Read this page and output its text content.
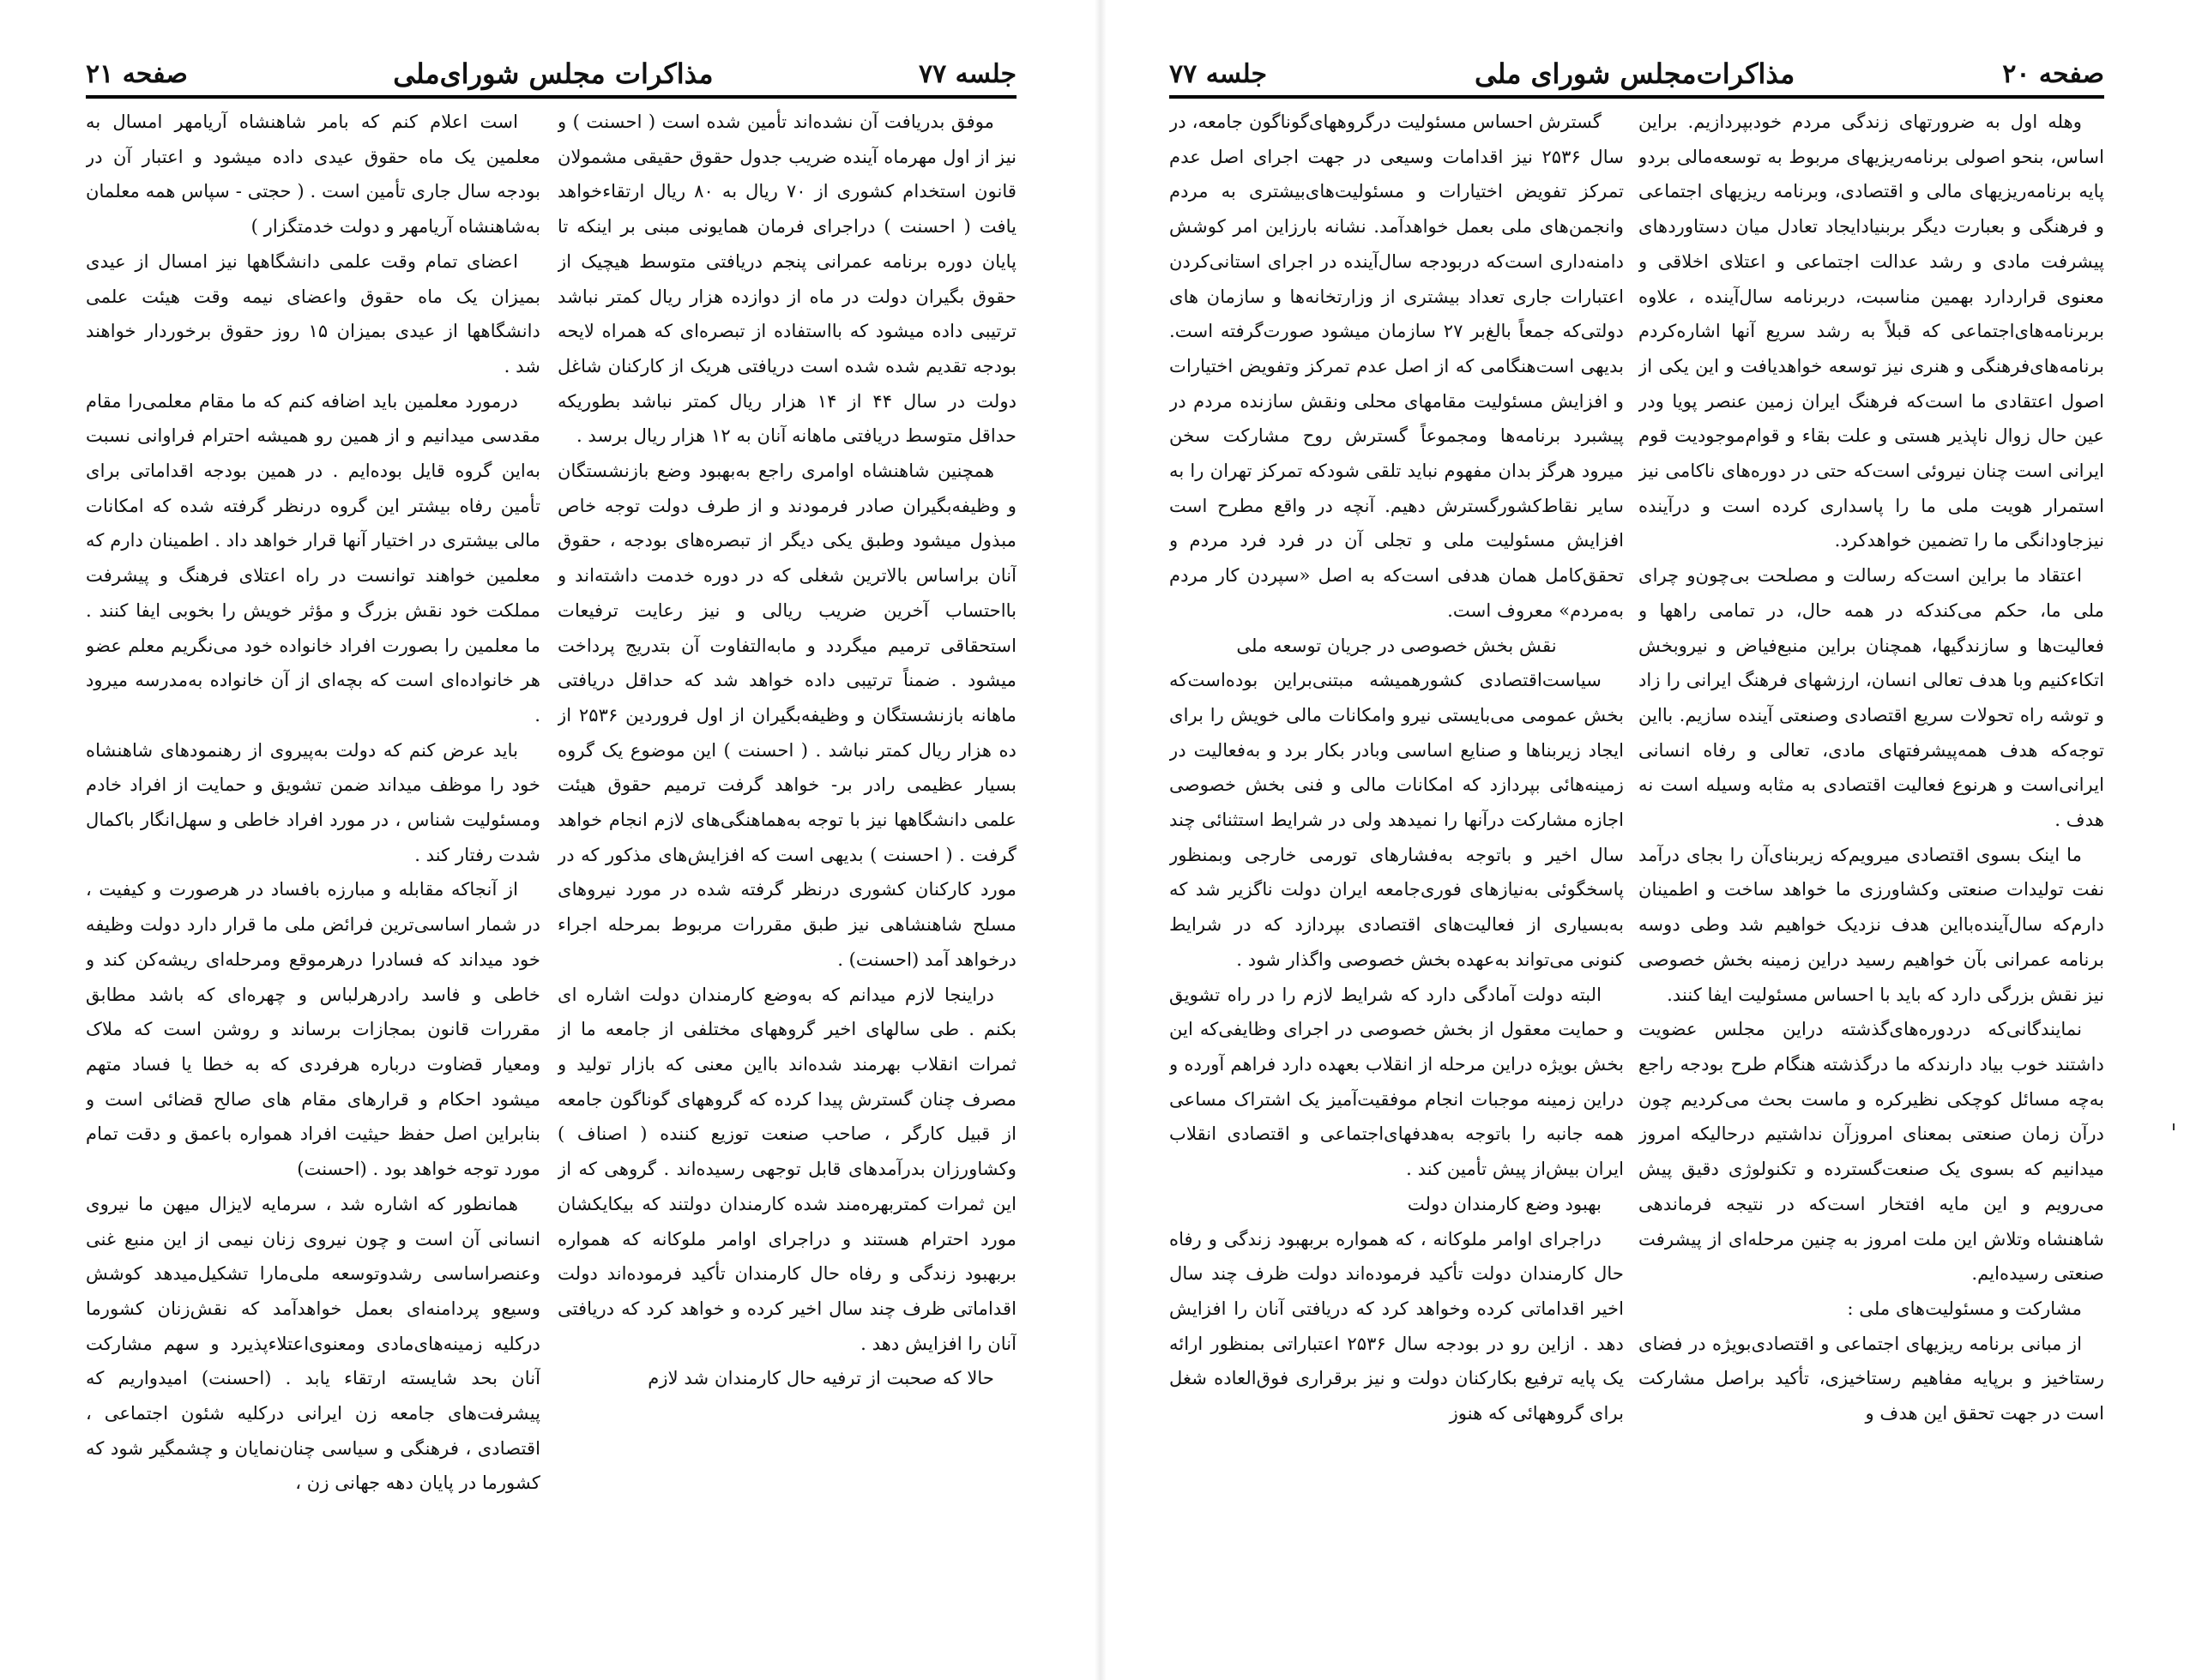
جلسه ۷۷
مذاکرات مجلس شورای‌ملی
صفحه ۲۱

موفق بدریافت آن نشده‌اند تأمین شده است ( احسنت ) و نیز از اول مهرماه آینده ضریب جدول حقوق حقیقی مشمولان قانون استخدام کشوری از ۷۰ ریال به ۸۰ ریال ارتقاءخواهد یافت ( احسنت ) درا‌جرای فرمان همایونی مبنی بر اینکه تا پایان دوره برنامه عمرانی پنجم دریافتی متوسط هیچیک از حقوق بگیران دولت در ماه از دوازده هزار ریال کمتر نباشد ترتیبی داده میشود که بااستفاده از تبصره‌ای که همراه لایحه بودجه تقدیم شده شده است دریافتی هریک از کارکنان شاغل دولت در سال ۴۴ از ۱۴ هزار ریال کمتر نباشد بطوریکه حداقل متوسط دریافتی ماهانه آنان به ۱۲ هزار ریال برسد .

همچنین شاهنشاه اوامری راجع به‌بهبود وضع بازنشستگان و وظیفه‌بگیران صادر فرمودند و از طرف دولت توجه خاص مبذول میشود وطبق یکی دیگر از تبصره‌های بودجه ، حقوق آنان براساس بالاترین شغلی که در دوره خدمت داشته‌اند و بااحتساب آخرین ضریب ریالی و نیز رعایت ترفیعات استحقاقی ترمیم میگردد و مابه‌التفاوت آن بتدریج پرداخت میشود . ضمناً ترتیبی داده خواهد شد که حداقل دریافتی ماهانه بازنشستگان و وظیفه‌بگیران از اول فروردین ۲۵۳۶ از ده هزار ریال کمتر نباشد . ( احسنت ) این موضوع یک گروه بسیار عظیمی رادر بر- خواهد گرفت ترمیم حقوق هیئت علمی دانشگاهها نیز با توجه به‌هماهنگی‌های لازم انجام خواهد گرفت . ( احسنت ) بدیهی است که افزایش‌های مذکور که در مورد کارکنان کشوری درنظر گرفته شده در مورد نیروهای مسلح شاهنشاهی نیز طبق مقررات مربوط بمرحله اجراء درخواهد آمد (احسنت) .

درا‌ینجا لازم میدانم که به‌وضع کارمندان دولت اشاره ای بکنم . طی سالهای اخیر گروههای مختلفی از جامعه ما از ثمرات انقلاب بهرمند شده‌اند بااین معنی که بازار تولید و مصرف چنان گسترش پیدا کرده که گروههای گوناگون جامعه از قبیل کارگر ، صاحب صنعت توزیع کننده ( اصناف ) وکشاورزان بدرآمدهای قابل توجهی رسیده‌اند . گروهی که از این ثمرات کمتربهره‌مند شده کارمندان دولتند که بیکایکشان مورد احترام هستند و دراجرای اوامر ملوکانه که همواره بربهبود زندگی و رفاه حال کارمندان تأکید فرموده‌اند دولت اقداماتی ظرف چند سال اخیر کرده و خواهد کرد که دریافتی آنان را افزایش دهد .

حالا که صحبت از ترفیه حال کارمندان شد لازم

است اعلام کنم که بامر شاهنشاه آریامهر امسال به معلمین یک ماه حقوق عیدی داده میشود و اعتبار آن در بودجه سال جاری تأمین است . ( حجتی - سپاس همه معلمان به‌شاهنشاه آریامهر و دولت خدمتگزار )

اعضای تمام وقت علمی دانشگاهها نیز امسال از عیدی بمیزان یک ماه حقوق واعضای نیمه وقت هیئت علمی دانشگاهها از عیدی بمیزان ۱۵ روز حقوق برخوردار خواهند شد .

درمورد معلمین باید اضافه کنم که ما مقام معلمی‌را مقام مقدسی میدانیم و از همین رو همیشه احترام فراوانی نسبت به‌این گروه قایل بوده‌ایم . در همین بودجه اقداماتی برای تأمین رفاه بیشتر این گروه درنظر گرفته شده که امکانات مالی بیشتری در اختیار آنها قرار خواهد داد . اطمینان دارم که معلمین خواهند توانست در راه اعتلای فرهنگ و پیشرفت مملکت خود نقش بزرگ و مؤثر خویش را بخوبی ایفا کنند . ما معلمین را بصورت افراد خانواده خود می‌نگریم معلم عضو هر خانواده‌ای است که بچه‌ای از آن خانواده به‌مدرسه میرود .

باید عرض کنم که دولت به‌پیروی از رهنمودهای شاهنشاه خود را موظف میداند ضمن تشویق و حمایت از افراد خادم ومسئولیت شناس ، در مورد افراد خاطی و سهل‌انگار باکمال شدت رفتار کند .

از آنجاکه مقابله و مبارزه بافساد در هرصورت و کیفیت ، در شمار اساسی‌ترین فرائض ملی ما قرار دارد دولت وظیفه خود میداند که فسادرا درهرموقع ومرحله‌ای ریشه‌کن کند و خاطی و فاسد رادرهرلباس و چهره‌ای که باشد مطابق مقررات قانون بمجازات برساند و روشن است که ملاک ومعیار قضاوت درباره هرفردی که به خطا یا فساد متهم میشود احکام و قرارهای مقام های صالح قضائی است و بنابراین اصل حفظ حیثیت افراد همواره باعمق و دقت تمام مورد توجه خواهد بود . (احسنت)

همانطور که اشاره شد ، سرمایه لایزال میهن ما نیروی انسانی آن است و چون نیروی زنان نیمی از این منبع غنی وعنصراساسی رشدوتوسعه ملی‌مارا تشکیل‌میدهد کوشش وسیع‌و پردامنه‌ای بعمل خواهدآمد که نقش‌زنان کشورما درکلیه زمینه‌های‌مادی ومعنوی‌اعتلاء‌پذیرد و سهم مشارکت آنان بحد شایسته ارتقاء یابد . (احسنت) امیدواریم که پیشرفت‌های جامعه زن ایرانی درکلیه شئون اجتماعی ، اقتصادی ، فرهنگی و سیاسی چنان‌نمایان و چشمگیر شود که کشورما در پایان دهه جهانی زن ،

صفحه ۲۰
مذاکرات‌مجلس شورای ملی
جلسه ۷۷

وهله اول به ضرورتهای زندگی مردم خودبپردازیم. براین اساس، بنحو اصولی برنامه‌ریزیهای مربوط به توسعه‌مالی بردو پایه برنامه‌ریزیهای مالی و اقتصادی، وبرنامه ریزیهای اجتماعی و فرهنگی و بعبارت دیگر بربنیاد‌ایجاد تعادل میان دستاوردهای پیشرفت مادی و رشد عدالت اجتماعی و اعتلای اخلاقی و معنوی قراردارد بهمین مناسبت، دربرنامه سال‌آینده ، علاوه بربرنامه‌های‌اجتماعی که قبلاً به رشد سریع آنها اشاره‌کردم برنامه‌های‌فرهنگی و هنری نیز توسعه خواهدیافت و این یکی از اصول اعتقادی ما است‌که فرهنگ ایران زمین عنصر پویا ودر عین حال زوال ناپذیر هستی و علت بقاء و قوام‌موجودیت قوم ایرانی است چنان نیروئی است‌که حتی در دوره‌های ناکامی نیز استمرار هویت ملی ما را پاسداری کرده است و درآینده نیزجاودانگی ما را تضمین خواهد‌کرد.

اعتقاد ما براین است‌که رسالت و مصلحت بی‌چون‌و چرای ملی ما، حکم می‌کندکه در همه حال، در تمامی راهها و فعالیت‌ها و سازندگیها، همچنان براین منبع‌فیاض و نیروبخش اتکاء‌کنیم وبا هدف تعالی انسان، ارزشهای فرهنگ ایرانی را زاد و توشه راه تحولات سریع اقتصادی وصنعتی آینده سازیم. بااین توجه‌که هدف همه‌پیشرفتهای مادی، تعالی و رفاه انسانی ایرانی‌است و هرنوع فعالیت اقتصادی به مثابه وسیله است نه هدف .

ما اینک بسوی اقتصادی میرویم‌که زیربنای‌آن را بجای درآمد نفت تولیدات صنعتی وکشاورزی ما خواهد ساخت و اطمینان دارم‌که سال‌آینده‌بااین هدف نزدیک خواهیم شد وطی دوسه برنامه عمرانی بآن خواهیم رسید دراین زمینه بخش خصوصی نیز نقش بزرگی دارد که باید با احساس مسئولیت ایفا کنند.

نمایندگانی‌که دردوره‌های‌گذشته دراین مجلس عضویت داشتند خوب بیاد دارند‌که ما درگذشته هنگام طرح بودجه راجع به‌چه مسائل کوچکی نظیر‌کره و ماست بحث می‌کردیم چون درآن زمان صنعتی بمعنای امروزآن نداشتیم درحالیکه امروز میدانیم که بسوی یک صنعت‌گسترده و تکنولوژی دقیق پیش می‌رویم و این مایه افتخار است‌که در نتیجه فرماندهی شاهنشاه وتلاش این ملت امروز به چنین مرحله‌ای از پیشرفت صنعتی رسیده‌ایم.

مشارکت و مسئولیت‌های ملی :

از مبانی برنامه ریزیهای اجتماعی و اقتصادی‌بویژه در فضای رستاخیز و برپایه مفاهیم رستاخیزی، تأکید براصل مشارکت است در جهت تحقق این هدف و

گسترش احساس مسئولیت درگروههای‌گوناگون جامعه، در سال ۲۵۳۶ نیز اقدامات وسیعی در جهت اجرای اصل عدم تمرکز تفویض اختیارات و مسئولیت‌های‌بیشتری به مردم وانجمن‌های ملی بعمل خواهدآمد. نشانه بارزاین امر کوشش دامنه‌داری است‌که دربودجه سال‌آینده در اجرای استانی‌کردن اعتبارات جاری تعداد بیشتری از وزارتخانه‌ها و سازمان های دولتی‌که جمعاً بالغ‌بر ۲۷ سازمان میشود صورت‌گرفته است. بدیهی است‌هنگامی که از اصل عدم تمرکز وتفویض اختیارات و افزایش مسئولیت مقامهای محلی ونقش سازنده مردم در پیشبرد برنامه‌ها ومجموعاً گسترش روح مشارکت سخن میرود هرگز بدان مفهوم نباید تلقی شودکه تمرکز تهران را به سایر نقاط‌کشورگسترش دهیم. آنچه در واقع مطرح است افزایش مسئولیت ملی و تجلی آن در فرد فرد مردم و تحقق‌کامل همان هدفی است‌که به اصل «سپردن کار مردم به‌مردم» معروف است.

نقش بخش خصوصی در جریان توسعه ملی

سیاست‌اقتصادی کشورهمیشه مبتنی‌براین بوده‌است‌که بخش عمومی می‌بایستی نیرو وامکانات مالی خویش را برای ایجاد زیربناها و صنایع اساسی وبادر بکار برد و به‌فعالیت در زمینه‌هائی بپردازد که امکانات مالی و فنی بخش خصوصی اجازه مشارکت درآنها را نمیدهد ولی در شرایط استثنائی چند سال اخیر و باتوجه به‌فشارهای تورمی خارجی وبمنظور پاسخگوئی به‌نیازهای فوری‌جامعه ایران دولت ناگزیر شد که به‌بسیاری از فعالیت‌های اقتصادی بپردازد که در شرایط کنونی می‌تواند به‌عهده بخش خصوصی واگذار شود .

البته دولت آمادگی دارد که شرایط لازم را در راه تشویق و حمایت معقول از بخش خصوصی در اجرای وظایفی‌که این بخش بویژه دراین مرحله از انقلاب بعهده دارد فراهم آورده و دراین زمینه موجبات انجام موفقیت‌آمیز یک اشتراک مساعی همه جانبه را باتوجه به‌هدفهای‌اجتماعی و اقتصادی انقلاب ایران بیش‌از پیش تأمین کند .

بهبود وضع کارمندان دولت

دراجرای اوامر ملوکانه ، که همواره بربهبود زندگی و رفاه حال کارمندان دولت تأکید فرموده‌اند دولت ظرف چند سال اخیر اقداماتی کرده وخواهد کرد که دریافتی آنان را افزایش دهد . ازاین رو در بودجه سال ۲۵۳۶ اعتباراتی بمنظور ارائه یک پایه ترفیع بکارکنان دولت و نیز برقراری فوق‌العاده شغل برای گروههائی که هنوز
